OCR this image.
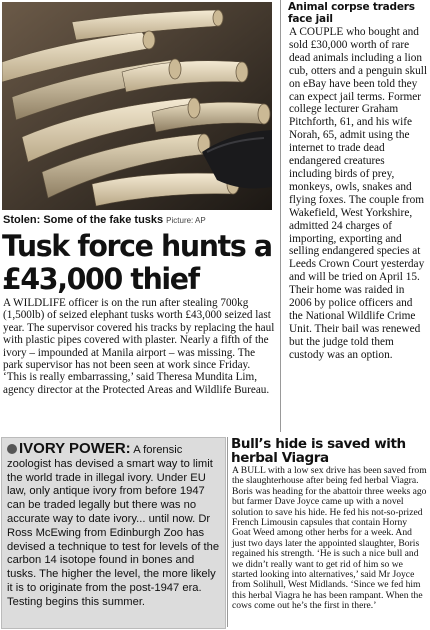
Stolen: Some of the fake tusks Picture: AP
Tusk force hunts a £43,000 thief
A WILDLIFE officer is on the run after stealing 700kg (1,500lb) of seized elephant tusks worth £43,000 seized last year. The supervisor covered his tracks by replacing the haul with plastic pipes covered with plaster. Nearly a fifth of the ivory – impounded at Manila airport – was missing. The park supervisor has not been seen at work since Friday. ‘This is really embarrassing,’ said Theresa Mundita Lim, agency director at the Protected Areas and Wildlife Bureau.
IVORY POWER: A forensic zoologist has devised a smart way to limit the world trade in illegal ivory. Under EU law, only antique ivory from before 1947 can be traded legally but there was no accurate way to date ivory... until now. Dr Ross McEwing from Edinburgh Zoo has devised a technique to test for levels of the carbon 14 isotope found in bones and tusks. The higher the level, the more likely it is to originate from the post-1947 era. Testing begins this summer.
Bull’s hide is saved with herbal Viagra
A BULL with a low sex drive has been saved from the slaughterhouse after being fed herbal Viagra. Boris was heading for the abattoir three weeks ago but farmer Dave Joyce came up with a novel solution to save his hide. He fed his not-so-prized French Limousin capsules that contain Horny Goat Weed among other herbs for a week. And just two days later the appointed slaughter, Boris regained his strength. ‘He is such a nice bull and we didn’t really want to get rid of him so we started looking into alternatives,’ said Mr Joyce from Solihull, West Midlands. ‘Since we fed him this herbal Viagra he has been rampant. When the cows come out he’s the first in there.’
Animal corpse traders face jail
A COUPLE who bought and sold £30,000 worth of rare dead animals including a lion cub, otters and a penguin skull on eBay have been told they can expect jail terms. Former college lecturer Graham Pitchforth, 61, and his wife Norah, 65, admit using the internet to trade dead endangered creatures including birds of prey, monkeys, owls, snakes and flying foxes. The couple from Wakefield, West Yorkshire, admitted 24 charges of importing, exporting and selling endangered species at Leeds Crown Court yesterday and will be tried on April 15. Their home was raided in 2006 by police officers and the National Wildlife Crime Unit. Their bail was renewed but the judge told them custody was an option.
